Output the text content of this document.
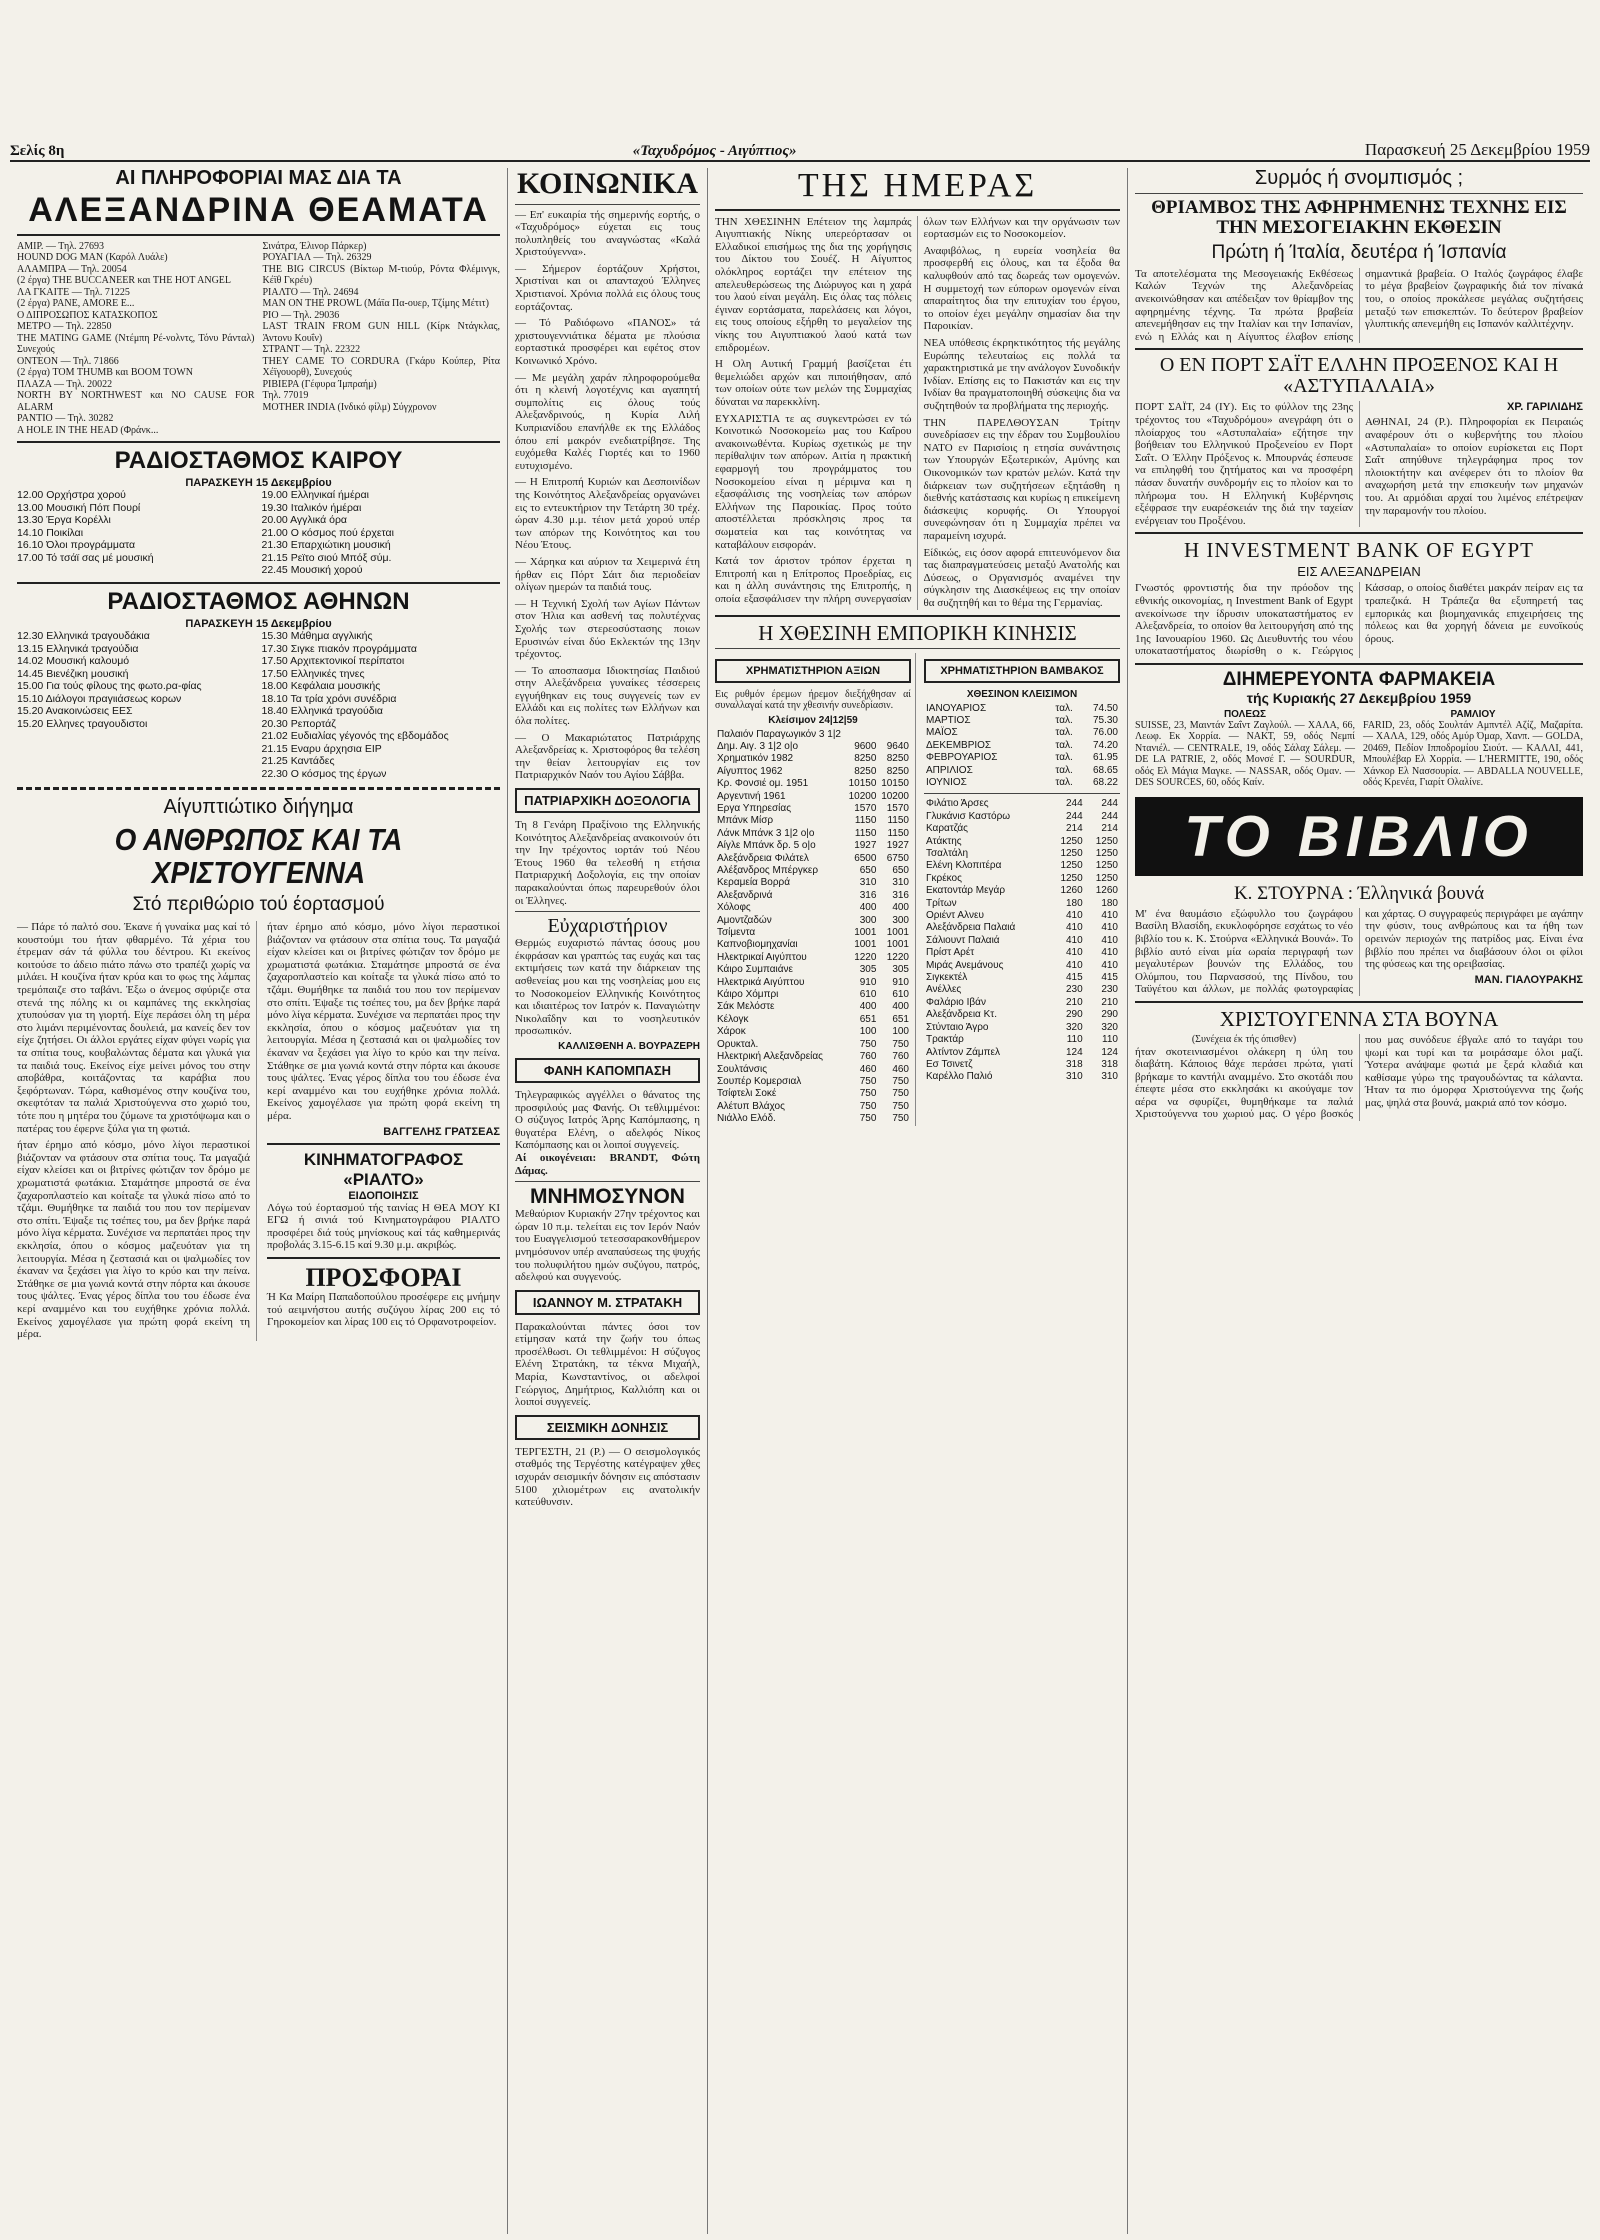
Σελίς 8η	«Ταχυδρόμος - Αιγύπτιος»	Παρασκευή 25 Δεκεμβρίου 1959
ΑΙ ΠΛΗΡΟΦΟΡΙΑΙ ΜΑΣ ΔΙΑ ΤΑ
ΑΛΕΞΑΝΔΡΙΝΑ ΘΕΑΜΑΤΑ
ΑΜΙΡ. — Τηλ. 27693
HOUND DOG MAN (Καρόλ Λυάλε)
ΑΛΑΜΠΡΑ — Τηλ. 20054
(2 έργα) THE BUCCANEER και THE HOT ANGEL
ΛΑ ΓΚΑΙΤΕ — Τηλ. 71225
(2 έργα) PANE, AMORE E...
Ο ΔΙΠΡΟΣΩΠΟΣ ΚΑΤΑΣΚΟΠΟΣ
ΜΕΤΡΟ — Τηλ. 22850
THE MATING GAME (Ντέμπη Ρέ-νολντς, Τόνυ Ράνταλ) Συνεχούς
ΟΝΤΕΟΝ — Τηλ. 71866
(2 έργα) TOM THUMB και BOOM TOWN
ΠΛΑΖΑ — Τηλ. 20022
NORTH BY NORTHWEST και NO CAUSE FOR ALARM
ΡΑΝΤΙΟ — Τηλ. 30282
A HOLE IN THE HEAD (Φράνκ...
Σινάτρα, Έλινορ Πάρκερ)
ΡΟΥΑΓΙΑΛ — Τηλ. 26329
THE BIG CIRCUS (Βίκτωρ Μ-τιούρ, Ρόντα Φλέμινγκ, Κέϊθ Γκρέυ)
ΡΙΑΛΤΟ — Τηλ. 24694
MAN ON THE PROWL (Μάϊα Πα-ουερ, Τζίμης Μέτιτ)
ΡΙΟ — Τηλ. 29036
LAST TRAIN FROM GUN HILL (Κίρκ Ντάγκλας, Άντονυ Κουΐν)
ΣΤΡΑΝΤ — Τηλ. 22322
THEY CAME TO CORDURA (Γκάρυ Κούπερ, Ρίτα Χέϊγουορθ), Συνεχούς
ΡΙΒΙΕΡΑ (Γέφυρα Ίμπραήμ)
Τηλ. 77019
MOTHER INDIA (Ινδικό φίλμ) Σύγχρονον
ΡΑΔΙΟΣΤΑΘΜΟΣ ΚΑΙΡΟΥ
ΠΑΡΑΣΚΕΥΗ 15 Δεκεμβρίου
12.00 Ορχήστρα χορού
13.00 Μουσική Πόπ Πουρί
13.30 Έργα Κορέλλι
14.10 Ποικίλαι
16.10 Όλοι προγράμματα
17.00 Τό τσάϊ σας μέ μουσική
19.00 Ελληνικαί ήμέραι
19.30 Ιταλικόν ήμέραι
20.00 Αγγλικά όρα
21.00 Ο κόσμος πού έρχεται
21.30 Επαρχιώτικη μουσική
21.15 Ρεϊτο σιού Μπόξ σύμ.
22.45 Μουσική χορού
ΡΑΔΙΟΣΤΑΘΜΟΣ ΑΘΗΝΩΝ
ΠΑΡΑΣΚΕΥΗ 15 Δεκεμβρίου
12.30 Ελληνικά τραγουδάκια
13.15 Ελληνικά τραγούδια
14.02 Μουσική καλουμό
14.45 Βιενέζικη μουσική
15.00 Για τούς φίλους της φωτο.ρα-φίας
15.10 Διάλογοι πραγιιάσεως κορων
15.20 Ανακοινώσεις ΕΕΣ
15.20 Ελληνες τραγουδιστοι
15.30 Μάθημα αγγλικής
17.30 Σιγκε πιακόν προγράμματα
17.50 Αρχιτεκτονικοί περίπατοι
17.50 Ελληνικές τηνες
18.00 Κεφάλαια μουσικής
18.10 Τα τρία χρόνι συνέδρια
18.40 Ελληνικά τραγούδια
20.30 Ρεπορτάζ
21.02 Ευδιαλίας γέγονός της εβδομάδος
21.15 Εναρυ άρχησια EIP
21.25 Καντάδες
22.30 Ο κόσμος της έργων
Αίγυπτιώτικο διήγημα
Ο ΑΝΘΡΩΠΟΣ ΚΑΙ ΤΑ ΧΡΙΣΤΟΥΓΕΝΝΑ
Στό περιθώριο τού έορτασμού
— Πάρε τό παλτό σου. Έκανε ή γυναίκα μας καί τό κουστούμι του ήταν φθαρμένο. Τά χέρια του έτρεμαν σάν τά φύλλα του δέντρου. Κι εκείνος κοιτούσε το άδειο πιάτο πάνω στο τραπέζι χωρίς να μιλάει. Η κουζίνα ήταν κρύα και το φως της λάμπας τρεμόπαιζε στο ταβάνι. Έξω ο άνεμος σφύριζε στα στενά της πόλης κι οι καμπάνες της εκκλησίας χτυπούσαν για τη γιορτή. Είχε περάσει όλη τη μέρα στο λιμάνι περιμένοντας δουλειά, μα κανείς δεν τον είχε ζητήσει. Οι άλλοι εργάτες είχαν φύγει νωρίς για τα σπίτια τους, κουβαλώντας δέματα και γλυκά για τα παιδιά τους. Εκείνος είχε μείνει μόνος του στην αποβάθρα, κοιτάζοντας τα καράβια που ξεφόρτωναν. Τώρα, καθισμένος στην κουζίνα του, σκεφτόταν τα παλιά Χριστούγεννα στο χωριό του, τότε που η μητέρα του ζύμωνε τα χριστόψωμα και ο πατέρας του έφερνε ξύλα για τη φωτιά.
ήταν έρημο από κόσμο, μόνο λίγοι περαστικοί βιάζονταν να φτάσουν στα σπίτια τους. Τα μαγαζιά είχαν κλείσει και οι βιτρίνες φώτιζαν τον δρόμο με χρωματιστά φωτάκια. Σταμάτησε μπροστά σε ένα ζαχαροπλαστείο και κοίταξε τα γλυκά πίσω από το τζάμι. Θυμήθηκε τα παιδιά του που τον περίμεναν στο σπίτι. Έψαξε τις τσέπες του, μα δεν βρήκε παρά μόνο λίγα κέρματα. Συνέχισε να περπατάει προς την εκκλησία, όπου ο κόσμος μαζευόταν για τη λειτουργία. Μέσα η ζεστασιά και οι ψαλμωδίες τον έκαναν να ξεχάσει για λίγο το κρύο και την πείνα. Στάθηκε σε μια γωνιά κοντά στην πόρτα και άκουσε τους ψάλτες. Ένας γέρος δίπλα του του έδωσε ένα κερί αναμμένο και του ευχήθηκε χρόνια πολλά. Εκείνος χαμογέλασε για πρώτη φορά εκείνη τη μέρα.
ήταν έρημο από κόσμο, μόνο λίγοι περαστικοί βιάζονταν να φτάσουν στα σπίτια τους. Τα μαγαζιά είχαν κλείσει και οι βιτρίνες φώτιζαν τον δρόμο με χρωματιστά φωτάκια. Σταμάτησε μπροστά σε ένα ζαχαροπλαστείο και κοίταξε τα γλυκά πίσω από το τζάμι. Θυμήθηκε τα παιδιά του που τον περίμεναν στο σπίτι. Έψαξε τις τσέπες του, μα δεν βρήκε παρά μόνο λίγα κέρματα. Συνέχισε να περπατάει προς την εκκλησία, όπου ο κόσμος μαζευόταν για τη λειτουργία. Μέσα η ζεστασιά και οι ψαλμωδίες τον έκαναν να ξεχάσει για λίγο το κρύο και την πείνα. Στάθηκε σε μια γωνιά κοντά στην πόρτα και άκουσε τους ψάλτες. Ένας γέρος δίπλα του του έδωσε ένα κερί αναμμένο και του ευχήθηκε χρόνια πολλά. Εκείνος χαμογέλασε για πρώτη φορά εκείνη τη μέρα.
ΒΑΓΓΕΛΗΣ ΓΡΑΤΣΕΑΣ
ΚΙΝΗΜΑΤΟΓΡΑΦΟΣ «ΡΙΑΛΤΟ»
ΕΙΔΟΠΟΙΗΣΙΣ
Λόγω τού έορτασμού τής ταινίας Η ΘΕΑ ΜΟΥ ΚΙ ΕΓΩ ή σινιά τού Κινηματογράφου ΡΙΑΛΤΟ προσφέρει διά τούς μηνίσκους καί τάς καθημερινάς προβολάς 3.15-6.15 καί 9.30 μ.μ. ακριβώς.
ΠΡΟΣΦΟΡΑΙ
Ή Κα Μαίρη Παπαδοπούλου προσέφερε εις μνήμην τού αειμνήστου αυτής συζύγου λίρας 200 εις τό Γηροκομείον και λίρας 100 εις τό Ορφανοτροφείον.
ΚΟΙΝΩΝΙΚΑ
— Επ' ευκαιρία τής σημερινής εορτής, ο «Ταχυδρόμος» εύχεται εις τους πολυπληθείς του αναγνώστας «Καλά Χριστούγεννα».
— Σήμερον έορτάζουν Χρήστοι, Χριστίναι και οι απανταχού Έλληνες Χριστιανοί. Χρόνια πολλά εις όλους τους εορτάζοντας.
— Τό Ραδιόφωνο «ΠΑΝΟΣ» τά χριστουγεννιάτικα δέματα με πλούσια εορταστικά προσφέρει και εφέτος στον Κοινωνικό Χρόνο.
— Με μεγάλη χαράν πληροφορούμεθα ότι η κλεινή λογοτέχνις και αγαπητή συμπολίτις εις όλους τούς Αλεξανδρινούς, η Κυρία Λιλή Κυπριανίδου επανήλθε εκ της Ελλάδος όπου επί μακρόν ενεδιατρίβησε. Της ευχόμεθα Καλές Γιορτές και το 1960 ευτυχισμένο.
— Η Επιτροπή Κυριών και Δεσποινίδων της Κοινότητος Αλεξανδρείας οργανώνει εις το εντευκτήριον την Τετάρτη 30 τρέχ. ώραν 4.30 μ.μ. τέιον μετά χορού υπέρ των απόρων της Κοινότητος και του Νέου Έτους.
— Χάρηκα και αύριον τα Χειμερινά έτη ήρθαν εις Πόρτ Σάιτ δια περιοδείαν ολίγων ημερών τα παιδιά τους.
— Η Τεχνική Σχολή των Αγίων Πάντων στον Ήλια και ασθενή τας πολυτέχνας Σχολής των στερεοσύστασης ποιων Ερυσινών είναι δύο Εκλεκτών της 13ην τρέχοντος.
— Το αποσπασμα Ιδιοκτησίας Παιδιού στην Αλεξάνδρεια γυναίκες τέσσερεις εγγυήθηκαν εις τους συγγενείς των εν Ελλάδι και εις πολίτες των Ελλήνων και όλα πολίτες.
— Ο Μακαριώτατος Πατριάρχης Αλεξανδρείας κ. Χριστοφόρος θα τελέση την θείαν λειτουργίαν εις τον Πατριαρχικόν Ναόν του Αγίου Σάββα.
ΠΑΤΡΙΑΡΧΙΚΗ ΔΟΞΟΛΟΓΙΑ
Τη 8 Γενάρη Πραξίνοιο της Ελληνικής Κοινότητος Αλεξανδρείας ανακοινούν ότι την Ιην τρέχοντος ιορτάν τού Νέου Έτους 1960 θα τελεσθή η ετήσια Πατριαρχική Δοξολογία, εις την οποίαν παρακαλούνται όπως παρευρεθούν όλοι οι Έλληνες.
Εὐχαριστήριον
Θερμώς ευχαριστώ πάντας όσους μου έκφράσαν και γραπτώς τας ευχάς και τας εκτιμήσεις των κατά την διάρκειαν της ασθενείας μου και της νοσηλείας μου εις το Νοσοκομείον Ελληνικής Κοινότητος και ιδιαιτέρως τον Ιατρόν κ. Παναγιώτην Νικολαΐδην και το νοσηλευτικόν προσωπικόν.
ΚΑΛΛΙΣΘΕΝΗ Α. ΒΟΥΡΑΖΕΡΗ
ΦΑΝΗ ΚΑΠΟΜΠΑΣΗ
Τηλεγραφικώς αγγέλλει ο θάνατος της προσφιλούς μας Φανής. Οι τεθλιμμένοι: Ο σύζυγος Ιατρός Άρης Καπόμπασης, η θυγατέρα Ελένη, ο αδελφός Νίκος Καπόμπασης και οι λοιποί συγγενείς.
Αί οικογένειαι: BRANDT, Φώτη Δάμας.
ΜΝΗΜΟΣΥΝΟΝ
Μεθαύριον Κυριακήν 27ην τρέχοντος και ώραν 10 π.μ. τελείται εις τον Ιερόν Ναόν του Ευαγγελισμού τετεσσαρακονθήμερον μνημόσυνον υπέρ αναπαύσεως της ψυχής του πολυφιλήτου ημών συζύγου, πατρός, αδελφού και συγγενούς.
ΙΩΑΝΝΟΥ Μ. ΣΤΡΑΤΑΚΗ
Παρακαλούνται πάντες όσοι τον ετίμησαν κατά την ζωήν του όπως προσέλθωσι. Οι τεθλιμμένοι: Η σύζυγος Ελένη Στρατάκη, τα τέκνα Μιχαήλ, Μαρία, Κωνσταντίνος, οι αδελφοί Γεώργιος, Δημήτριος, Καλλιόπη και οι λοιποί συγγενείς.
ΣΕΙΣΜΙΚΗ ΔΟΝΗΣΙΣ
ΤΕΡΓΕΣΤΗ, 21 (Ρ.) — Ο σεισμολογικός σταθμός της Τεργέστης κατέγραψεν χθες ισχυράν σεισμικήν δόνησιν εις απόστασιν 5100 χιλιομέτρων εις ανατολικήν κατεύθυνσιν.
ΤΗΣ ΗΜΕΡΑΣ
ΤΗΝ ΧΘΕΣΙΝΗΝ Επέτειον της λαμπράς Αιγυπτιακής Νίκης υπερεόρτασαν οι Ελλαδικοί επισήμως της δια της χορήγησις του Δίκτου του Σουέζ. Η Αίγυπτος ολόκληρος εορτάζει την επέτειον της απελευθερώσεως της Διώρυγος και η χαρά του λαού είναι μεγάλη. Εις όλας τας πόλεις έγιναν εορτάσματα, παρελάσεις και λόγοι, εις τους οποίους εξήρθη το μεγαλείον της νίκης του Αιγυπτιακού λαού κατά των επιδρομέων.
Η Ολη Αυτική Γραμμή βασίζεται έτι θεμελιώδει αρχών και πιποιήθησαν, από των οποίων ούτε των μελών της Συμμαχίας δύναται να παρεκκλίνη.
ΕΥΧΑΡΙΣΤΙΑ τε ας συγκεντρώσει εν τώ Κοινοτικώ Νοσοκομείω μας του Καΐρου ανακοινωθέντα. Κυρίως σχετικώς με την περίθαλψιν των απόρων. Αιτία η πρακτική εφαρμογή του προγράμματος του Νοσοκομείου είναι η μέριμνα και η εξασφάλισις της νοσηλείας των απόρων Ελλήνων της Παροικίας. Προς τούτο αποστέλλεται πρόσκλησις προς τα σωματεία και τας κοινότητας να καταβάλουν εισφοράν.
Κατά τον άριστον τρόπον έρχεται η Επιτροπή και η Επίτροπος Προεδρίας, εις και η άλλη συνάντησις της Επιτροπής, η οποία εξασφάλισεν την πλήρη συνεργασίαν όλων των Ελλήνων και την οργάνωσιν των εορτασμών εις το Νοσοκομείον.
Αναφιβόλως, η ευρεία νοσηλεία θα προσφερθή εις όλους, και τα έξοδα θα καλυφθούν από τας δωρεάς των ομογενών. Η συμμετοχή των εύπορων ομογενών είναι απαραίτητος δια την επιτυχίαν του έργου, το οποίον έχει μεγάλην σημασίαν δια την Παροικίαν.
ΝΕΑ υπόθεσις έκρηκτικότητος τής μεγάλης Ευρώπης τελευταίως εις πολλά τα χαρακτηριστικά με την ανάλογον Συνοδικήν Ινδίαν. Επίσης εις το Πακιστάν και εις την Ινδίαν θα πραγματοποιηθή σύσκεψις δια να συζητηθούν τα προβλήματα της περιοχής.
ΤΗΝ ΠΑΡΕΛΘΟΥΣΑΝ Τρίτην συνεδρίασεν εις την έδραν του Συμβουλίου ΝΑΤΟ εν Παρισίοις η ετησία συνάντησις των Υπουργών Εξωτερικών, Αμύνης και Οικονομικών των κρατών μελών. Κατά την διάρκειαν των συζητήσεων εξητάσθη η διεθνής κατάστασις και κυρίως η επικείμενη διάσκεψις κορυφής. Οι Υπουργοί συνεφώνησαν ότι η Συμμαχία πρέπει να παραμείνη ισχυρά.
Είδικώς, εις όσον αφορά επιτευνόμενον δια τας διαπραγματεύσεις μεταξύ Ανατολής και Δύσεως, ο Οργανισμός αναμένει την σύγκλησιν της Διασκέψεως εις την οποίαν θα συζητηθή και το θέμα της Γερμανίας.
Η ΧΘΕΣΙΝΗ ΕΜΠΟΡΙΚΗ ΚΙΝΗΣΙΣ
ΧΡΗΜΑΤΙΣΤΗΡΙΟΝ ΑΞΙΩΝ
Εις ρυθμόν έρεμων ήρεμον διεξήχθησαν αί συναλλαγαί κατά την χθεσινήν συνεδρίασιν.
Κλείσιμον 24|12|59
Παλαιόν Παραγωγικόν 3 1|2		
Δημ. Αιγ. 3 1|2 ο|ο	9600	9640
Χρηματικόν 1982	8250	8250
Αίγυπτος 1962	8250	8250
Κρ. Φονσιέ ομ. 1951	10150	10150
Αργεντινή 1961	10200	10200
Εργα Υπηρεσίας	1570	1570
Μπάνκ Μίσρ	1150	1150
Λάνκ Μπάνκ 3 1|2 ο|ο	1150	1150
Αίγλε Μπάνκ δρ. 5 ο|ο	1927	1927
Αλεξάνδρεια Φιλάτελ	6500	6750
Αλέξανδρος Μπέργκερ	650	650
Κεραμεία Βορρά	310	310
Αλεξανδρινά	316	316
Χόλοφς	400	400
Αμοντζαδών	300	300
Τσίμεντα	1001	1001
Καπνοβιομηχανίαι	1001	1001
Ηλεκτρικαί Αιγύπτου	1220	1220
Κάιρο Συμπαιάνε	305	305
Ηλεκτρικά Αιγύπτου	910	910
Κάιρο Χόμπρι	610	610
Σάκ Μελόστε	400	400
Κέλογκ	651	651
Χάροκ	100	100
Ορυκταλ.	750	750
Ηλεκτρική Αλεξανδρείας	760	760
Σουλτάνσις	460	460
Σουπέρ Κομερσιαλ	750	750
Τσίφτελι Σοκέ	750	750
Αλέτυπ Βλάχος	750	750
Νιάλλο Ελόδ.	750	750
ΧΡΗΜΑΤΙΣΤΗΡΙΟΝ ΒΑΜΒΑΚΟΣ
ΧΘΕΣΙΝΟΝ ΚΛΕΙΣΙΜΟΝ
ΙΑΝΟΥΑΡΙΟΣ	ταλ.	74.50
ΜΑΡΤΙΟΣ	ταλ.	75.30
ΜΑΪΟΣ	ταλ.	76.00
ΔΕΚΕΜΒΡΙΟΣ	ταλ.	74.20
ΦΕΒΡΟΥΑΡΙΟΣ	ταλ.	61.95
ΑΠΡΙΛΙΟΣ	ταλ.	68.65
ΙΟΥΝΙΟΣ	ταλ.	68.22
Φιλάτιο Άρσες	244	244
Γλυκάνισ Καστόρω	244	244
Καρατζάς	214	214
Ατάκτης	1250	1250
Τσαλτάλη	1250	1250
Ελένη Κλοπιτέρα	1250	1250
Γκρέκος	1250	1250
Εκατοντάρ Μεγάρ	1260	1260
Τρίτων	180	180
Οριέντ Αλνευ	410	410
Αλεξάνδρεια Παλαιά	410	410
Σάλιουντ Παλαιά	410	410
Πρίστ Αρέτ	410	410
Μιράς Ανεμάνους	410	410
Σιγκεκτέλ	415	415
Ανέλλες	230	230
Φαλάριο Ιβάν	210	210
Αλεξάνδρεια Κτ.	290	290
Στύνταιο Άγρο	320	320
Τρακτάρ	110	110
Αλτίντον Ζάμπελ	124	124
Εσ Τσινετζ	318	318
Καρέλλο Παλιό	310	310
Συρμός ή σνομπισμός ;
ΘΡΙΑΜΒΟΣ ΤΗΣ ΑΦΗΡΗΜΕΝΗΣ ΤΕΧΝΗΣ ΕΙΣ ΤΗΝ ΜΕΣΟΓΕΙΑΚΗΝ ΕΚΘΕΣΙΝ
Πρώτη ή Ίταλία, δευτέρα ή Ίσπανία
Τα αποτελέσματα της Μεσογειακής Εκθέσεως Καλών Τεχνών της Αλεξανδρείας ανεκοινώθησαν και απέδειξαν τον θρίαμβον της αφηρημένης τέχνης. Τα πρώτα βραβεία απενεμήθησαν εις την Ιταλίαν και την Ισπανίαν, ενώ η Ελλάς και η Αίγυπτος έλαβον επίσης σημαντικά βραβεία. Ο Ιταλός ζωγράφος έλαβε το μέγα βραβείον ζωγραφικής διά τον πίνακά του, ο οποίος προκάλεσε μεγάλας συζητήσεις μεταξύ των επισκεπτών. Το δεύτερον βραβείον γλυπτικής απενεμήθη εις Ισπανόν καλλιτέχνην.
Ο ΕΝ ΠΟΡΤ ΣΑΪΤ ΕΛΛΗΝ ΠΡΟΞΕΝΟΣ ΚΑΙ Η «ΑΣΤΥΠΑΛΑΙΑ»
ΠΟΡΤ ΣΑΪΤ, 24 (ΙΥ). Εις το φύλλον της 23ης τρέχοντος του «Ταχυδρόμου» ανεγράφη ότι ο πλοίαρχος του «Αστυπαλαία» εζήτησε την βοήθειαν του Ελληνικού Προξενείου εν Πορτ Σαΐτ. Ο Έλλην Πρόξενος κ. Μπουρνάς έσπευσε να επιληφθή του ζητήματος και να προσφέρη πάσαν δυνατήν συνδρομήν εις το πλοίον και το πλήρωμα του. Η Ελληνική Κυβέρνησις εξέφρασε την ευαρέσκειάν της διά την ταχείαν ενέργειαν του Προξένου.
ΧΡ. ΓΑΡΙΛΙΔΗΣ
ΑΘΗΝΑΙ, 24 (Ρ.). Πληροφορίαι εκ Πειραιώς αναφέρουν ότι ο κυβερνήτης του πλοίου «Αστυπαλαία» το οποίον ευρίσκεται εις Πορτ Σαΐτ απηύθυνε τηλεγράφημα προς τον πλοιοκτήτην και ανέφερεν ότι το πλοίον θα αναχωρήση μετά την επισκευήν των μηχανών του. Αι αρμόδιαι αρχαί του λιμένος επέτρεψαν την παραμονήν του πλοίου.
Η INVESTMENT BANK OF EGYPT
ΕΙΣ ΑΛΕΞΑΝΔΡΕΙΑΝ
Γνωστός φροντιστής δια την πρόοδον της εθνικής οικονομίας, η Investment Bank of Egypt ανεκοίνωσε την ίδρυσιν υποκαταστήματος εν Αλεξανδρεία, το οποίον θα λειτουργήση από της 1ης Ιανουαρίου 1960. Ως Διευθυντής του νέου υποκαταστήματος διωρίσθη ο κ. Γεώργιος Κάσσαρ, ο οποίος διαθέτει μακράν πείραν εις τα τραπεζικά. Η Τράπεζα θα εξυπηρετή τας εμπορικάς και βιομηχανικάς επιχειρήσεις της πόλεως και θα χορηγή δάνεια με ευνοϊκούς όρους.
ΔΙΗΜΕΡΕΥΟΝΤΑ ΦΑΡΜΑΚΕΙΑ
τής Κυριακής 27 Δεκεμβρίου 1959
ΠΟΛΕΩΣ
SUISSE, 23, Μαιντάν Σαΐντ Ζαγλούλ. — ΧΑΛΑ, 66, Λεωφ. Εκ Χορρία. — ΝΑΚΤ, 59, οδός Νεμπί Ντανιέλ. — CENTRALE, 19, οδός Σάλαχ Σάλεμ. — DE LA PATRIE, 2, οδός Μονσέ Γ. — SOURDUR, οδός Ελ Μάγια Μαγκε. — NASSAR, οδός Ομαν. — DES SOURCES, 60, οδός Καίν.
ΡΑΜΛΙΟΥ
FARID, 23, οδός Σουλτάν Αμπντέλ Αζίζ, Μαζαρίτα. — ΧΑΛΑ, 129, οδός Αμύρ Όμαρ, Χανπ. — GOLDA, 20469, Πεδίον Ιπποδρομίου Σιούτ. — ΚΑΛΛΙ, 441, Μπουλέβαρ Ελ Χορρία. — L'HERMITTE, 190, οδός Χάνκορ Ελ Νασσουρία. — ABDALLA NOUVELLE, οδός Κρενέα, Γιαρίτ Ολαλίνε.
ΤΟ ΒΙΒΛΙΟ
Κ. ΣΤΟΥΡΝΑ : Έλληνικά βουνά
Μ' ένα θαυμάσιο εξώφυλλο του ζωγράφου Βασίλη Βλασίδη, εκυκλοφόρησε εσχάτως το νέο βιβλίο του κ. Κ. Στούρνα «Ελληνικά Βουνά». Το βιβλίο αυτό είναι μία ωραία περιγραφή των μεγαλυτέρων βουνών της Ελλάδος, του Ολύμπου, του Παρνασσού, της Πίνδου, του Ταϋγέτου και άλλων, με πολλάς φωτογραφίας και χάρτας. Ο συγγραφεύς περιγράφει με αγάπην την φύσιν, τους ανθρώπους και τα ήθη των ορεινών περιοχών της πατρίδος μας. Είναι ένα βιβλίο που πρέπει να διαβάσουν όλοι οι φίλοι της φύσεως και της ορειβασίας.
ΜΑΝ. ΓΙΑΛΟΥΡΑΚΗΣ
ΧΡΙΣΤΟΥΓΕΝΝΑ ΣΤΑ ΒΟΥΝΑ
(Συνέχεια έκ τής όπισθεν)
ήταν σκοτεινιασμένοι ολάκερη η ύλη του διαβάτη. Κάποιος θάχε περάσει πρώτα, γιατί βρήκαμε το καντήλι αναμμένο. Στο σκοτάδι που έπεφτε μέσα στο εκκλησάκι κι ακούγαμε τον αέρα να σφυρίζει, θυμηθήκαμε τα παλιά Χριστούγεννα του χωριού μας. Ο γέρο βοσκός που μας συνόδευε έβγαλε από το ταγάρι του ψωμί και τυρί και τα μοιράσαμε όλοι μαζί. Ύστερα ανάψαμε φωτιά με ξερά κλαδιά και καθίσαμε γύρω της τραγουδώντας τα κάλαντα. Ήταν τα πιο όμορφα Χριστούγεννα της ζωής μας, ψηλά στα βουνά, μακριά από τον κόσμο.
